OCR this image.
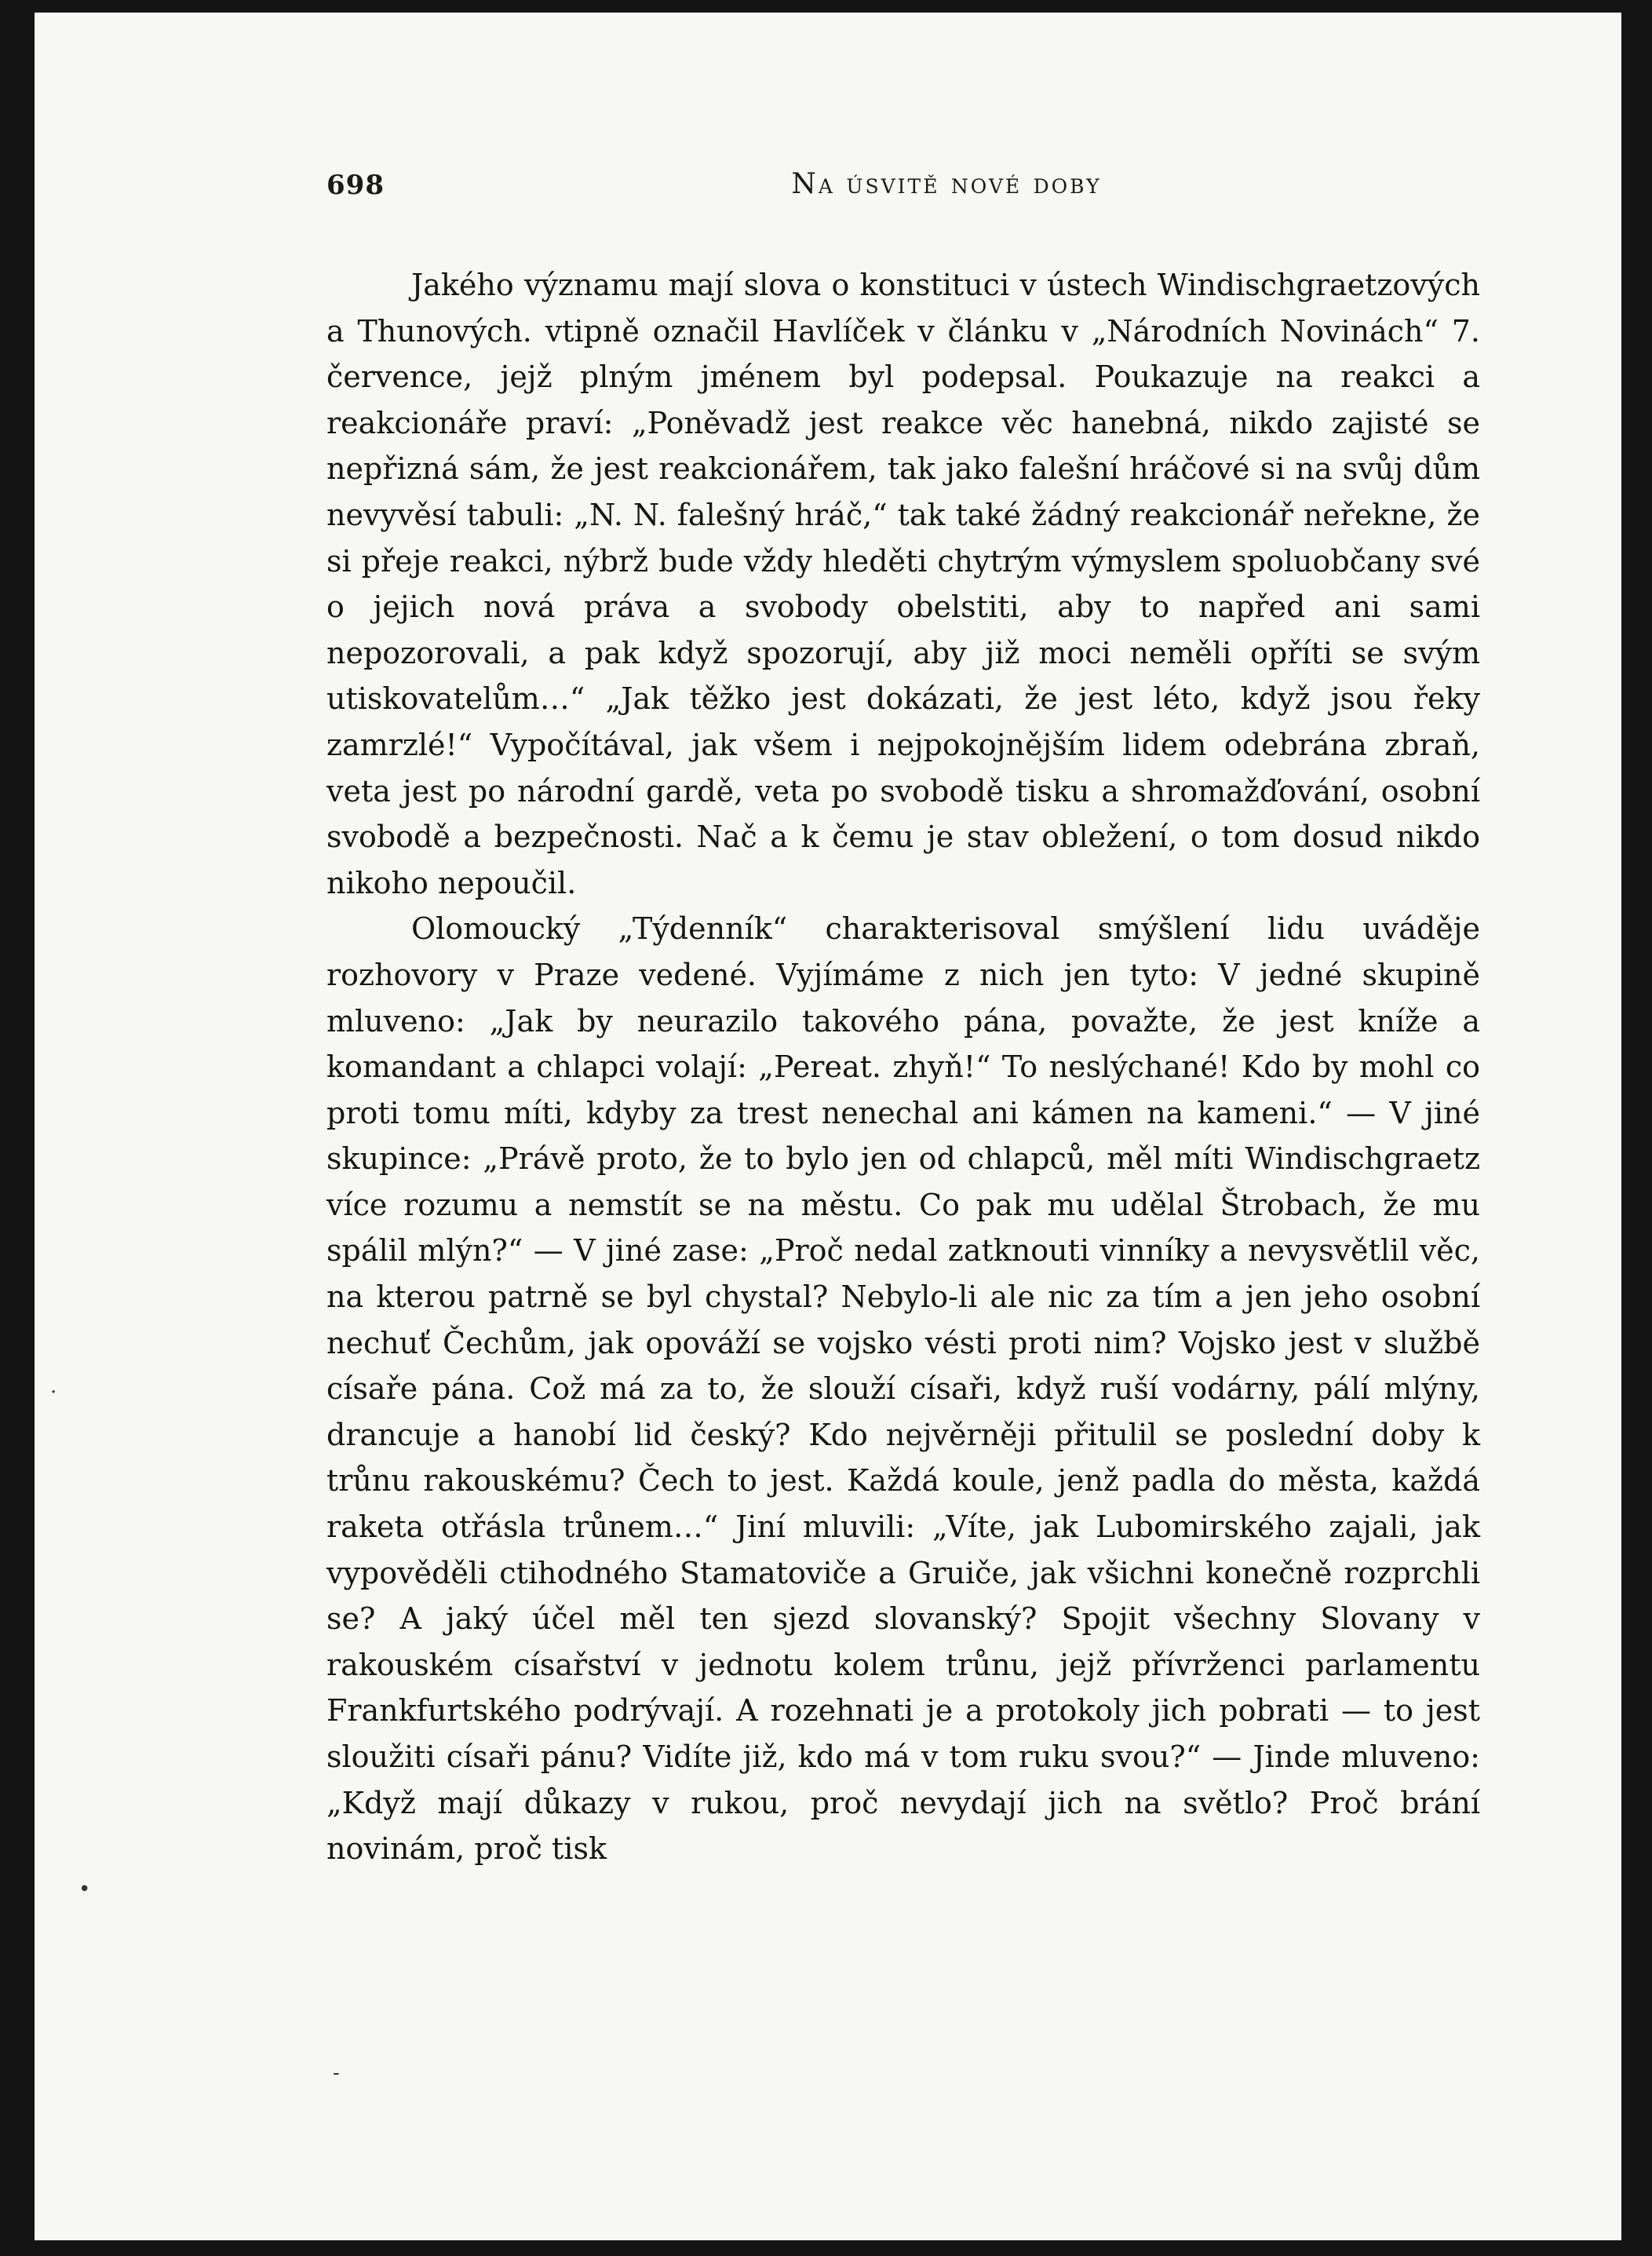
698	Na úsvitě nové doby

Jakého významu mají slova o konstituci v ústech Windischgraetzových a Thunových. vtipně označil Havlíček v článku v „Národních Novinách“ 7. července, jejž plným jménem byl podepsal. Poukazuje na reakci a reakcionáře praví: „Poněvadž jest reakce věc hanebná, nikdo zajisté se nepřizná sám, že jest reakcionářem, tak jako falešní hráčové si na svůj dům nevyvěsí tabuli: „N. N. falešný hráč,“ tak také žádný reakcionář neřekne, že si přeje reakci, nýbrž bude vždy hleděti chytrým výmyslem spoluobčany své o jejich nová práva a svobody obelstiti, aby to napřed ani sami nepozorovali, a pak když spozorují, aby již moci neměli opříti se svým utiskovatelům…“ „Jak těžko jest dokázati, že jest léto, když jsou řeky zamrzlé!“ Vypočítával, jak všem i nejpokojnějším lidem odebrána zbraň, veta jest po národní gardě, veta po svobodě tisku a shromažďování, osobní svobodě a bezpečnosti. Nač a k čemu je stav obležení, o tom dosud nikdo nikoho nepoučil.

Olomoucký „Týdenník“ charakterisoval smýšlení lidu uváděje rozhovory v Praze vedené. Vyjímáme z nich jen tyto: V jedné skupině mluveno: „Jak by neurazilo takového pána, považte, že jest kníže a komandant a chlapci volají: „Pereat. zhyň!“ To neslýchané! Kdo by mohl co proti tomu míti, kdyby za trest nenechal ani kámen na kameni.“ — V jiné skupince: „Právě proto, že to bylo jen od chlapců, měl míti Windischgraetz více rozumu a nemstít se na městu. Co pak mu udělal Štrobach, že mu spálil mlýn?“ — V jiné zase: „Proč nedal zatknouti vinníky a nevysvětlil věc, na kterou patrně se byl chystal? Nebylo-li ale nic za tím a jen jeho osobní nechuť Čechům, jak opováží se vojsko vésti proti nim? Vojsko jest v službě císaře pána. Což má za to, že slouží císaři, když ruší vodárny, pálí mlýny, drancuje a hanobí lid český? Kdo nejvěrněji přitulil se poslední doby k trůnu rakouskému? Čech to jest. Každá koule, jenž padla do města, každá raketa otřásla trůnem…“ Jiní mluvili: „Víte, jak Lubomirského zajali, jak vypověděli ctihodného Stamatoviče a Gruiče, jak všichni konečně rozprchli se? A jaký účel měl ten sjezd slovanský? Spojit všechny Slovany v rakouském císařství v jednotu kolem trůnu, jejž přívrženci parlamentu Frankfurtského podrývají. A rozehnati je a protokoly jich pobrati — to jest sloužiti císaři pánu? Vidíte již, kdo má v tom ruku svou?“ — Jinde mluveno: „Když mají důkazy v rukou, proč nevydají jich na světlo? Proč brání novinám, proč tisk

·
•
-
